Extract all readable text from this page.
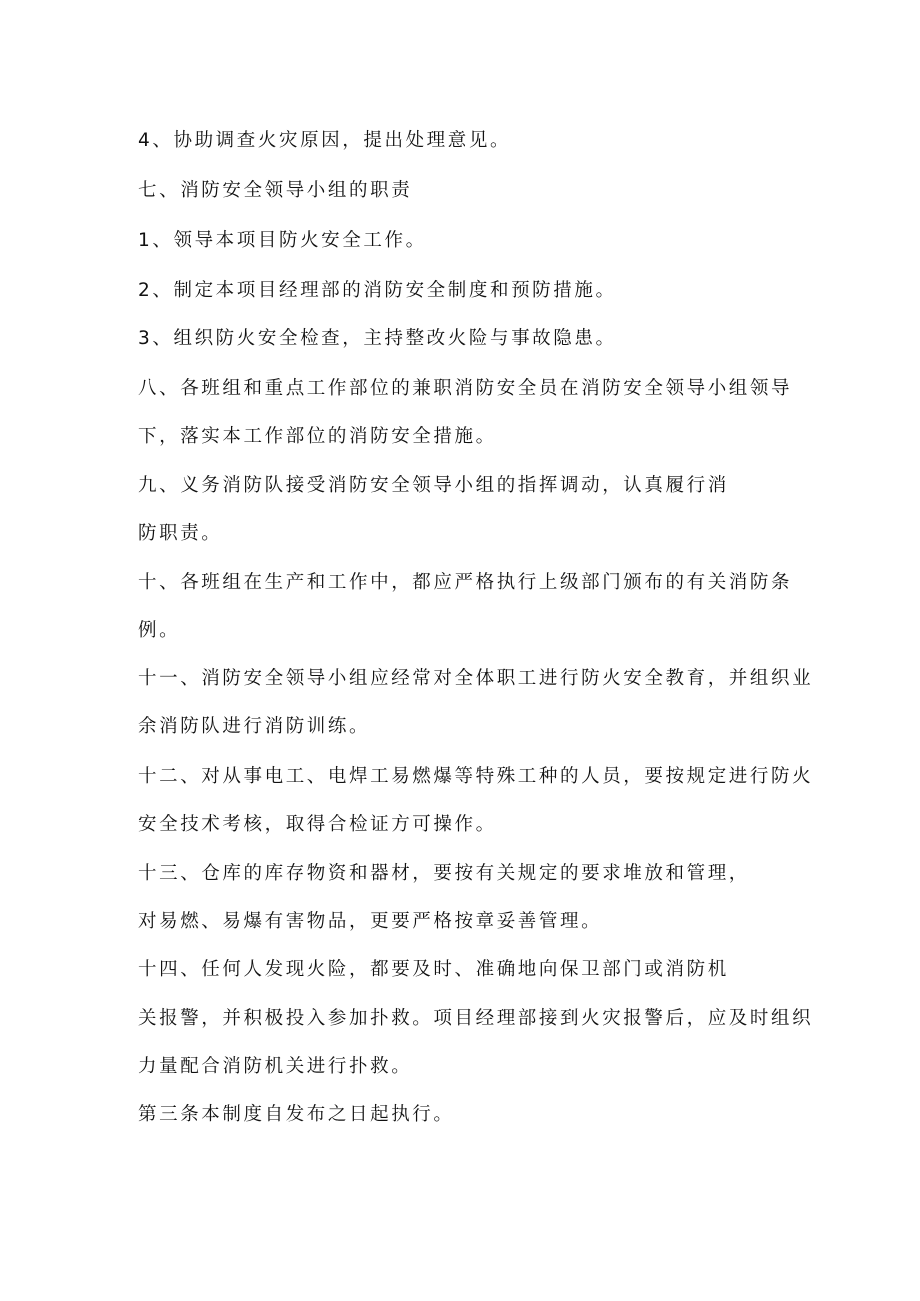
4、协助调查火灾原因，提出处理意见。
七、消防安全领导小组的职责
1、领导本项目防火安全工作。
2、制定本项目经理部的消防安全制度和预防措施。
3、组织防火安全检查，主持整改火险与事故隐患。
八、各班组和重点工作部位的兼职消防安全员在消防安全领导小组领导
下，落实本工作部位的消防安全措施。
九、义务消防队接受消防安全领导小组的指挥调动，认真履行消
防职责。
十、各班组在生产和工作中，都应严格执行上级部门颁布的有关消防条
例。
十一、消防安全领导小组应经常对全体职工进行防火安全教育，并组织业
余消防队进行消防训练。
十二、对从事电工、电焊工易燃爆等特殊工种的人员，要按规定进行防火
安全技术考核，取得合检证方可操作。
十三、仓库的库存物资和器材，要按有关规定的要求堆放和管理，
对易燃、易爆有害物品，更要严格按章妥善管理。
十四、任何人发现火险，都要及时、准确地向保卫部门或消防机
关报警，并积极投入参加扑救。项目经理部接到火灾报警后，应及时组织
力量配合消防机关进行扑救。
第三条本制度自发布之日起执行。
